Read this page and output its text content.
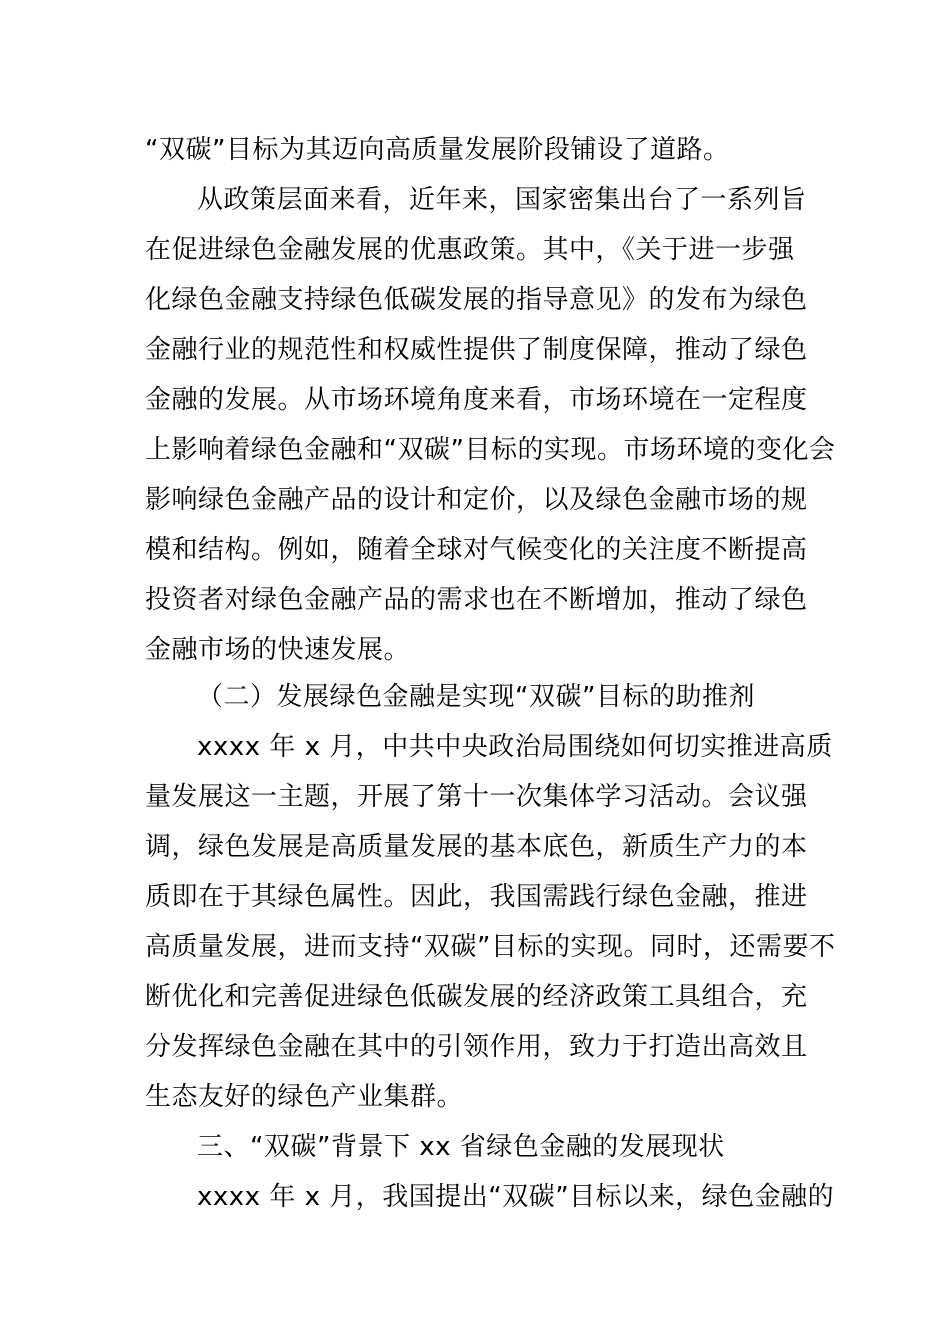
“双碳”目标为其迈向高质量发展阶段铺设了道路。
从政策层面来看，近年来，国家密集出台了一系列旨
在促进绿色金融发展的优惠政策。其中，《关于进一步强
化绿色金融支持绿色低碳发展的指导意见》的发布为绿色
金融行业的规范性和权威性提供了制度保障，推动了绿色
金融的发展。从市场环境角度来看，市场环境在一定程度
上影响着绿色金融和“双碳”目标的实现。市场环境的变化会
影响绿色金融产品的设计和定价，以及绿色金融市场的规
模和结构。例如，随着全球对气候变化的关注度不断提高
投资者对绿色金融产品的需求也在不断增加，推动了绿色
金融市场的快速发展。
（二）发展绿色金融是实现“双碳”目标的助推剂
xxxx 年 x 月，中共中央政治局围绕如何切实推进高质
量发展这一主题，开展了第十一次集体学习活动。会议强
调，绿色发展是高质量发展的基本底色，新质生产力的本
质即在于其绿色属性。因此，我国需践行绿色金融，推进
高质量发展，进而支持“双碳”目标的实现。同时，还需要不
断优化和完善促进绿色低碳发展的经济政策工具组合，充
分发挥绿色金融在其中的引领作用，致力于打造出高效且
生态友好的绿色产业集群。
三、“双碳”背景下 xx 省绿色金融的发展现状
xxxx 年 x 月，我国提出“双碳”目标以来，绿色金融的
